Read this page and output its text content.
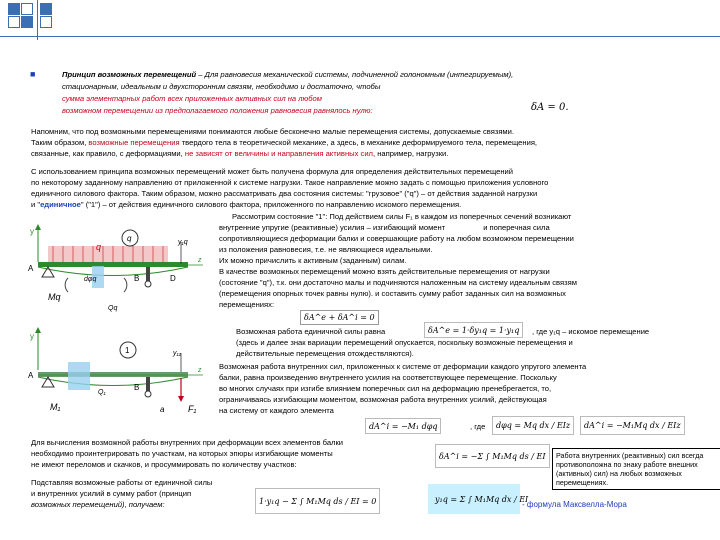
■	Принцип возможных перемещений – Для равновесия механической системы, подчиненной голономным (интегрируемым),
стационарным, идеальным и двухсторонним связям, необходимо и достаточно, чтобы
сумма элементарных работ всех приложенных активных сил на любом
возможном перемещении из предполагаемого положения равновесия равнялось нулю:	δA = 0.
Напомним, что под возможными перемещениями понимаются любые бесконечно малые перемещения системы, допускаемые связями.
Таким образом, возможные перемещения твердого тела в теоретической механике, а здесь, в механике деформируемого тела, перемещения,
связанные, как правило, с деформациями, не зависят от величины и направления активных сил, например, нагрузки.
С использованием принципа возможных перемещений может быть получена формула для определения действительных перемещений
по некоторому заданному направлению от приложенной к системе нагрузки. Такое направление можно задать с помощью приложения условного
единичного силового фактора. Таким образом, можно рассматривать два состояния системы: "грузовое" ("q") – от действия заданной нагрузки
и "единичное" ("1") – от действия единичного силового фактора, приложенного по направлению искомого перемещения.
Рассмотрим состояние "1": Под действием силы F₁ в каждом из поперечных сечений возникают
внутренние упругие (реактивные) усилия – изгибающий момент	и поперечная сила
сопротивляющиеся деформации балки и совершающие работу на любом возможном перемещении
из положения равновесия, т.е. не являющиеся идеальными.
Их можно причислить к активным (заданным) силам.
В качестве возможных перемещений можно взять действительные перемещения от нагрузки
(состояние "q"), т.к. они достаточно малы и подчиняются наложенным на систему идеальным связям
(перемещения опорных точек равны нулю). и составить сумму работ заданных сил на возможных
перемещениях:
δA^e + δA^i = 0
Возможная работа единичной силы равна	δA^e = 1·δy₁q = 1·y₁q	, где y₁q – искомое перемещение
(здесь и далее знак вариации перемещений опускается, поскольку возможные перемещения и
действительные перемещения отождествляются).
Возможная работа внутренних сил, приложенных к системе от деформации каждого упругого элемента
балки, равна произведению внутреннего усилия на соответствующее перемещение. Поскольку
во многих случаях при изгибе влиянием поперечных сил на деформацию пренебрегается, то,
ограничиваясь изгибающим моментом, возможная работа внутренних усилий, действующая
на систему от каждого элемента
dA^i = −M₁ dφq	, где	dφq = Mq dx / EIz	dA^i = −M₁Mq dx / EIz
y
q
q	y₁q
z
A
B	D
dφq
Mq
Qq
y
1	y₁₁
z
A
B
a	F₁
M₁
Q₁
Для вычисления возможной работы внутренних при деформации всех элементов балки
необходимо проинтегрировать по участкам, на которых эпюры изгибающие моменты
не имеют переломов и скачков, и просуммировать по количеству участков:
δA^i = −Σ ∫ M₁Mq ds / EI
Подставляя возможные работы от единичной силы
и внутренних усилий в сумму работ (принцип
возможных перемещений), получаем:	1·y₁q − Σ ∫ M₁Mq ds / EI = 0	y₁q = Σ ∫ M₁Mq dx / EI
- формула Максвелла-Мора
Работа внутренних (реактивных) сил всегда противоположна по знаку работе внешних (активных) сил) на любых возможных перемещениях.
